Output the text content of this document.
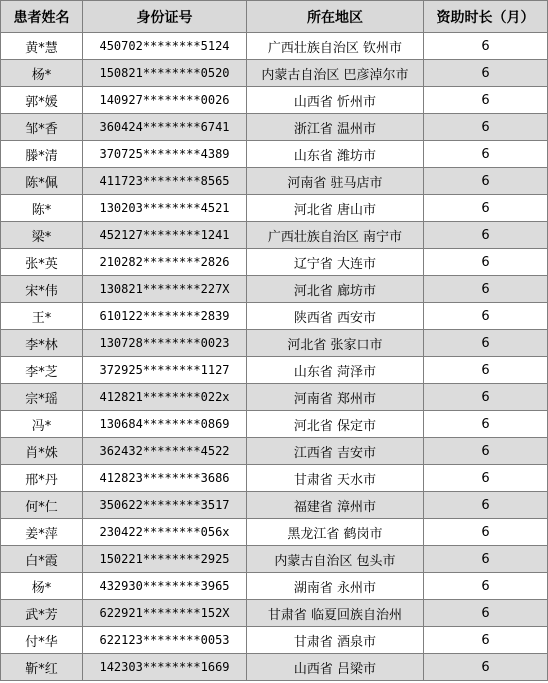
患者姓名	身份证号	所在地区	资助时长（月）
黄*慧	450702********5124	广西壮族自治区 钦州市	6
杨*	150821********0520	内蒙古自治区 巴彦淖尔市	6
郭*媛	140927********0026	山西省 忻州市	6
邹*香	360424********6741	浙江省 温州市	6
滕*清	370725********4389	山东省 潍坊市	6
陈*佩	411723********8565	河南省 驻马店市	6
陈*	130203********4521	河北省 唐山市	6
梁*	452127********1241	广西壮族自治区 南宁市	6
张*英	210282********2826	辽宁省 大连市	6
宋*伟	130821********227X	河北省 廊坊市	6
王*	610122********2839	陕西省 西安市	6
李*林	130728********0023	河北省 张家口市	6
李*芝	372925********1127	山东省 菏泽市	6
宗*瑶	412821********022x	河南省 郑州市	6
冯*	130684********0869	河北省 保定市	6
肖*姝	362432********4522	江西省 吉安市	6
邢*丹	412823********3686	甘肃省 天水市	6
何*仁	350622********3517	福建省 漳州市	6
姜*萍	230422********056x	黑龙江省 鹤岗市	6
白*霞	150221********2925	内蒙古自治区 包头市	6
杨*	432930********3965	湖南省 永州市	6
武*芳	622921********152X	甘肃省 临夏回族自治州	6
付*华	622123********0053	甘肃省 酒泉市	6
靳*红	142303********1669	山西省 吕梁市	6
